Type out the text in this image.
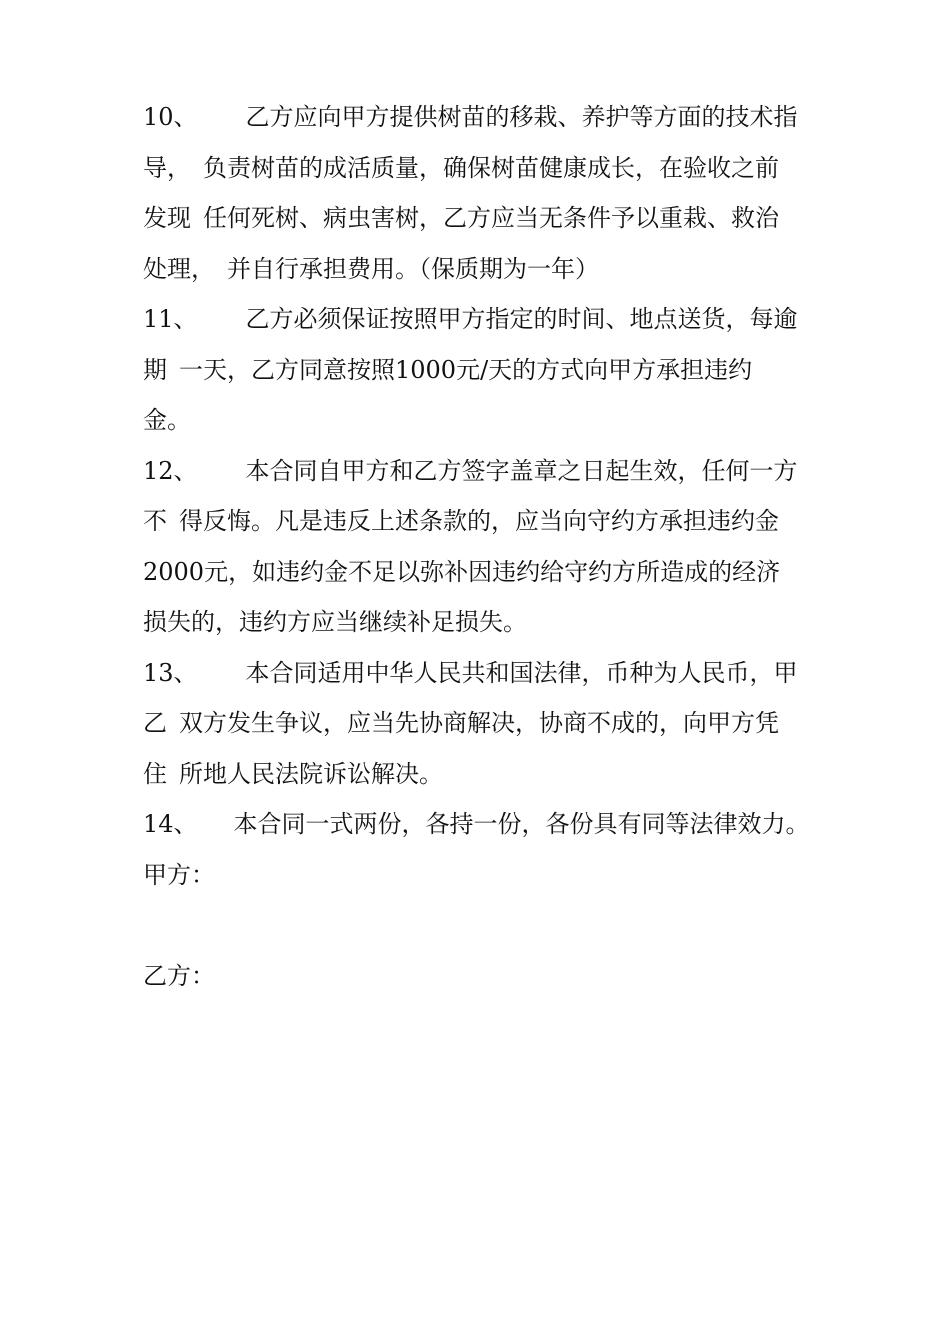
10、 乙方应向甲方提供树苗的移栽、养护等方面的技术指
导， 负责树苗的成活质量，确保树苗健康成长，在验收之前
发现 任何死树、病虫害树，乙方应当无条件予以重栽、救治
处理， 并自行承担费用。（保质期为一年）
11、 乙方必须保证按照甲方指定的时间、地点送货，每逾
期 一天，乙方同意按照1000元/天的方式向甲方承担违约
金。
12、 本合同自甲方和乙方签字盖章之日起生效，任何一方
不 得反悔。凡是违反上述条款的，应当向守约方承担违约金
2000元，如违约金不足以弥补因违约给守约方所造成的经济
损失的，违约方应当继续补足损失。
13、 本合同适用中华人民共和国法律，币种为人民币，甲
乙 双方发生争议，应当先协商解决，协商不成的，向甲方凭
住 所地人民法院诉讼解决。
14、 本合同一式两份，各持一份，各份具有同等法律效力。
甲方：
乙方：
